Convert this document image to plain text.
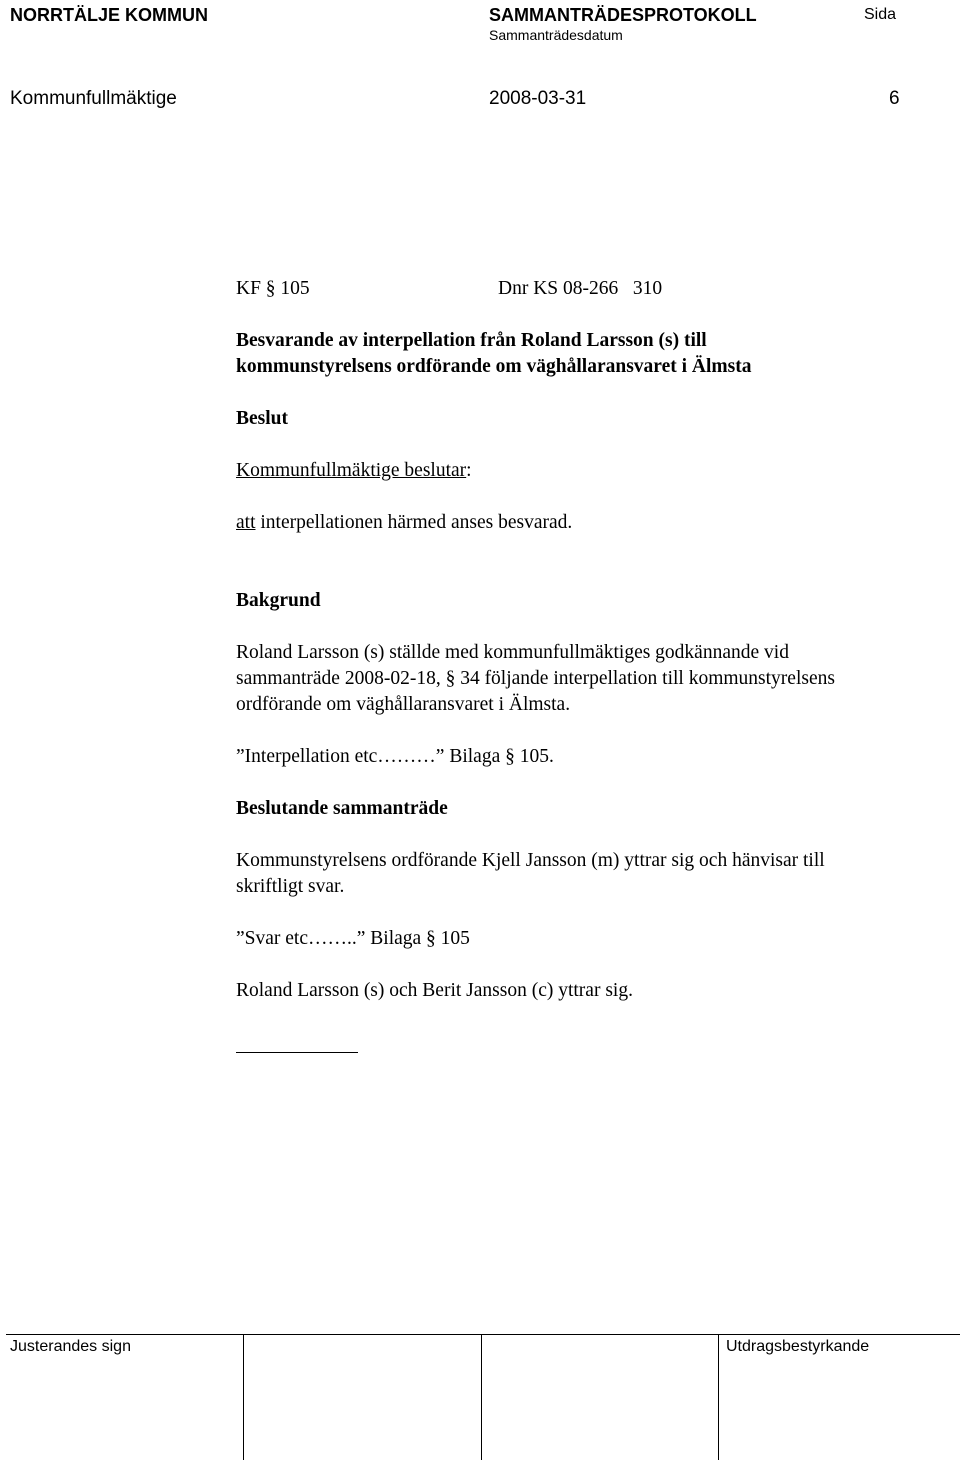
NORRTÄLJE KOMMUN	SAMMANTRÄDESPROTOKOLL	Sida
Sammanträdesdatum
Kommunfullmäktige	2008-03-31	6
KF § 105	Dnr KS 08-266   310
Besvarande av interpellation från Roland Larsson (s) till
kommunstyrelsens ordförande om väghållaransvaret i Älmsta
Beslut
Kommunfullmäktige beslutar:
att interpellationen härmed anses besvarad.
Bakgrund
Roland Larsson (s) ställde med kommunfullmäktiges godkännande vid
sammanträde 2008-02-18, § 34 följande interpellation till kommunstyrelsens
ordförande om väghållaransvaret i Älmsta.
”Interpellation etc………” Bilaga § 105.
Beslutande sammanträde
Kommunstyrelsens ordförande Kjell Jansson (m) yttrar sig och hänvisar till
skriftligt svar.
”Svar etc……..” Bilaga § 105
Roland Larsson (s) och Berit Jansson (c) yttrar sig.
Justerandes sign	Utdragsbestyrkande
